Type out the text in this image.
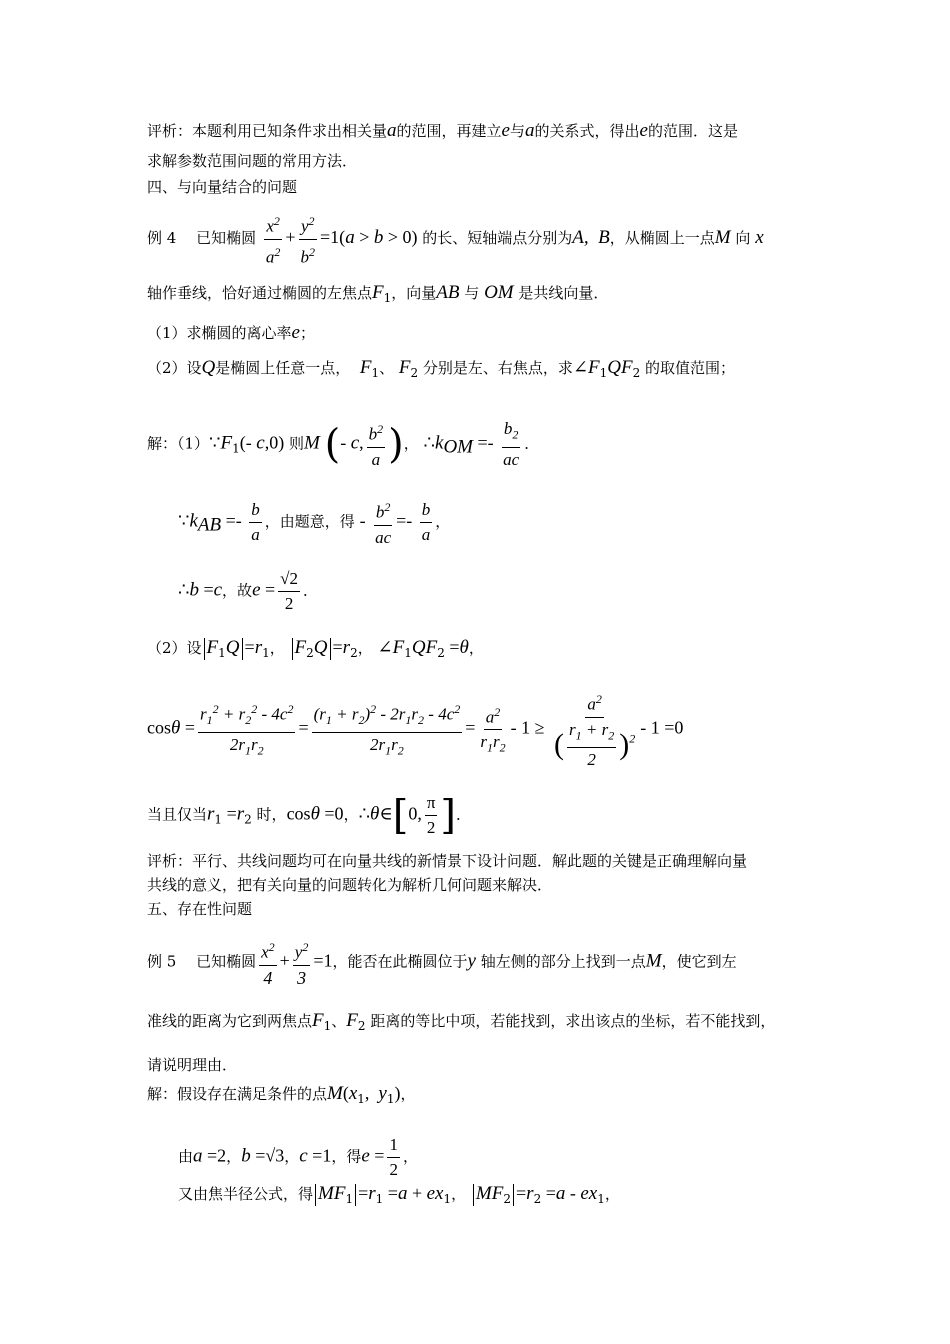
评析：本题利用已知条件求出相关量a的范围，再建立e与a的关系式，得出e的范围．这是
求解参数范围问题的常用方法．
四、与向量结合的问题
例 4　 已知椭圆 $\frac{x^2}{a^2} + \frac{y^2}{b^2} =1(a > b > 0)$ 的长、短轴端点分别为A,  B，从椭圆上一点M 向 x
轴作垂线，恰好通过椭圆的左焦点$F_1$，向量AB 与 OM 是共线向量．
（1）求椭圆的离心率e；
（2）设Q是椭圆上任意一点， $F_1$、 $F_2$ 分别是左、右焦点，求$\angle F_1QF_2$ 的取值范围；
解：$(1)\because F_1(-$ c,0) 则M (- c, $\frac{b^2}{a}$ )， $\therefore k_{OM} =- \frac{b_2}{ac}$ ．
$\because k_{AB} =- \frac{b}{a}$ ，由题意，得 - $\frac{b^2}{ac} =- \frac{b}{a}$ ，
∴b =c，故$e = \frac{√2}{2}$ ．
（2）设 $F_1Q =r_1$， $F_2Q =r_2$， $\angle F_1QF_2 =\theta$，
$\cos\theta = \frac{r_1^2 + r_2^2 - 4c^2}{2r_1r_2} = \frac{(r_1 + r_2)^2 - 2r_1r_2 - 4c^2}{2r_1r_2} = \frac{a^2}{r_1r_2} - 1 \ge \frac{a^2}{( \frac{r_1 + r_2}{2} )^2} - 1 =0$
当且仅当$r_1 =r_2$ 时，cosθ =0，∴θ∈[0, $\frac{\pi}{2}$ ]．
评析：平行、共线问题均可在向量共线的新情景下设计问题．解此题的关键是正确理解向量
共线的意义，把有关向量的问题转化为解析几何问题来解决．
五、存在性问题
例 5　 已知椭圆 $\frac{x^2}{4} + \frac{y^2}{3} =1$，能否在此椭圆位于y 轴左侧的部分上找到一点M，使它到左
准线的距离为它到两焦点$F_1$、$F_2$ 距离的等比中项，若能找到，求出该点的坐标，若不能找到，
请说明理由．
解：假设存在满足条件的点$M(x_1$,  $y_1$)，
由a =2，b =√3，c =1，得$e = \frac{1}{2}$ ，
又由焦半径公式，得 $MF_1 =r_1 =a + ex_1$， $MF_2 =r_2 =a - ex_1$，
